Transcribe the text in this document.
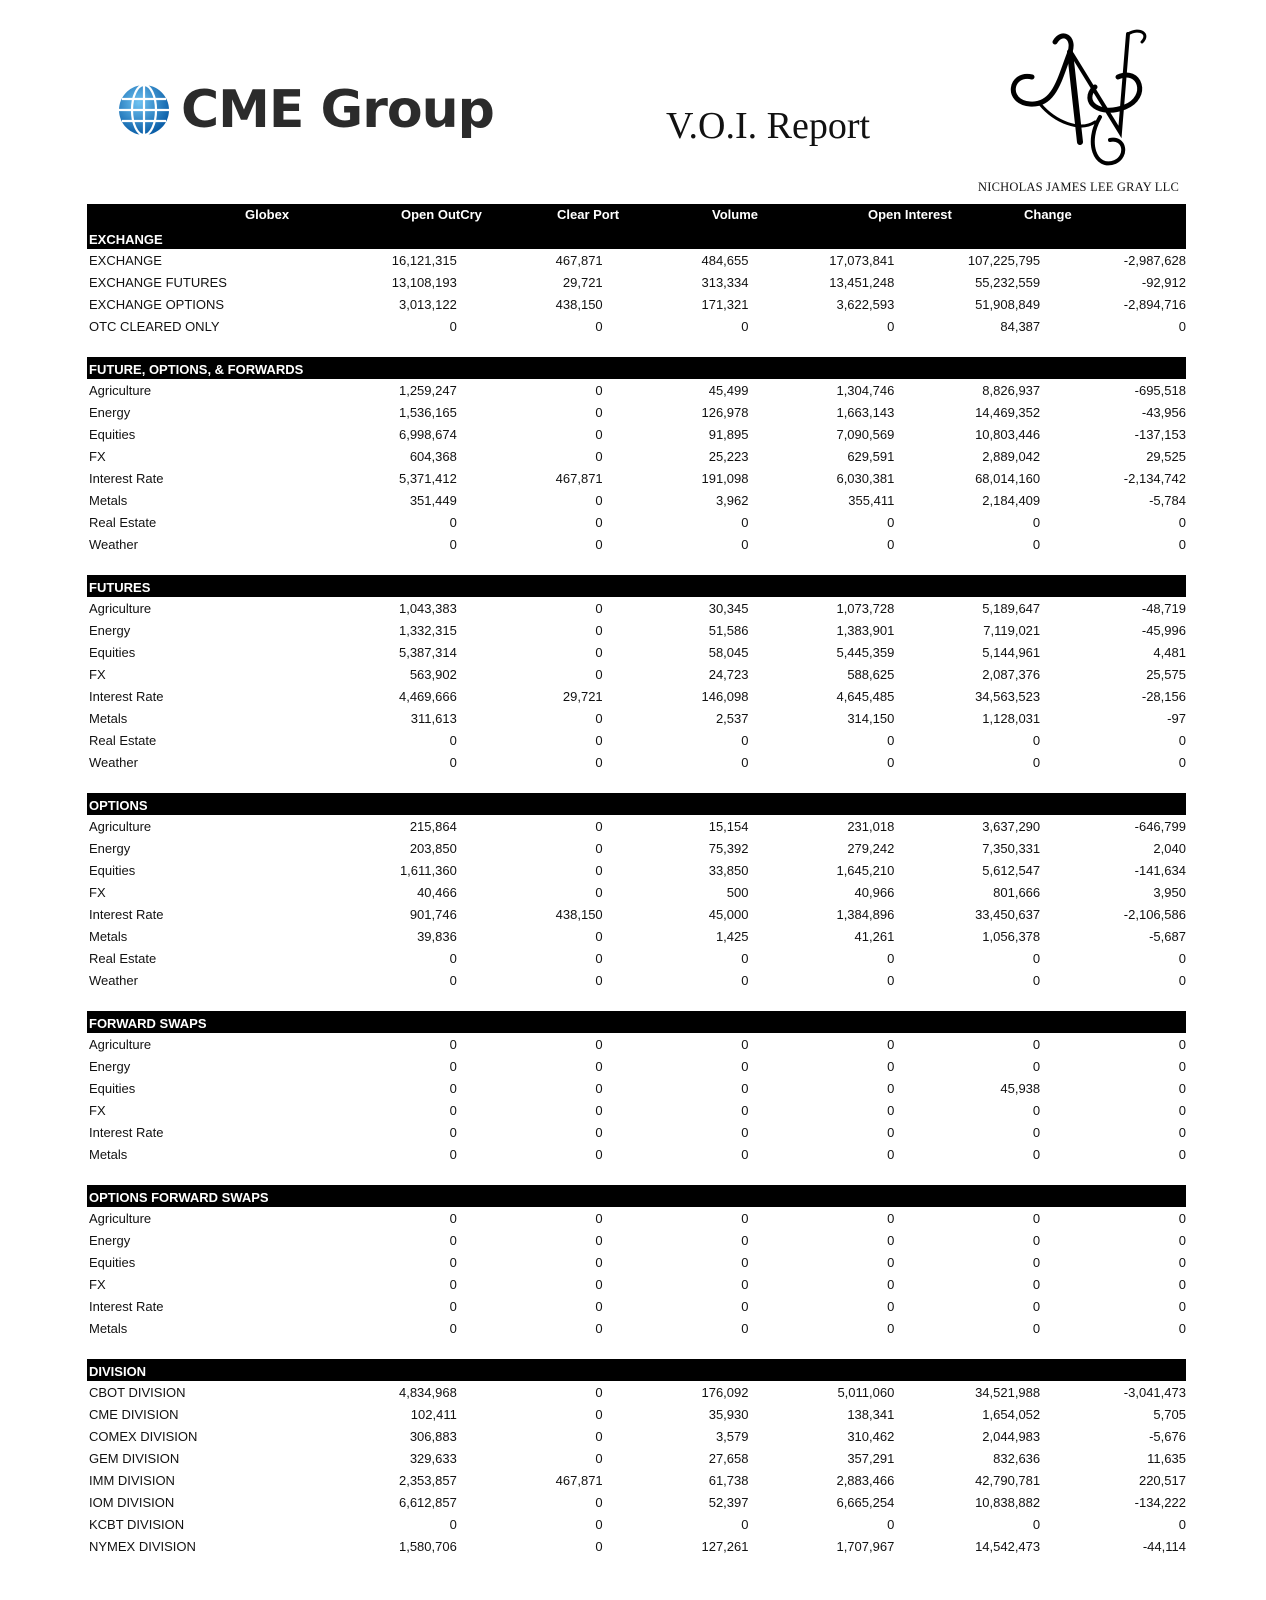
CME Group	V.O.I. Report
NICHOLAS JAMES LEE GRAY LLC
Globex	Open OutCry	Clear Port	Volume	Open Interest	Change
EXCHANGE
EXCHANGE	16,121,315	467,871	484,655	17,073,841	107,225,795	-2,987,628
EXCHANGE FUTURES	13,108,193	29,721	313,334	13,451,248	55,232,559	-92,912
EXCHANGE OPTIONS	3,013,122	438,150	171,321	3,622,593	51,908,849	-2,894,716
OTC CLEARED ONLY	0	0	0	0	84,387	0
FUTURE, OPTIONS, & FORWARDS
Agriculture	1,259,247	0	45,499	1,304,746	8,826,937	-695,518
Energy	1,536,165	0	126,978	1,663,143	14,469,352	-43,956
Equities	6,998,674	0	91,895	7,090,569	10,803,446	-137,153
FX	604,368	0	25,223	629,591	2,889,042	29,525
Interest Rate	5,371,412	467,871	191,098	6,030,381	68,014,160	-2,134,742
Metals	351,449	0	3,962	355,411	2,184,409	-5,784
Real Estate	0	0	0	0	0	0
Weather	0	0	0	0	0	0
FUTURES
Agriculture	1,043,383	0	30,345	1,073,728	5,189,647	-48,719
Energy	1,332,315	0	51,586	1,383,901	7,119,021	-45,996
Equities	5,387,314	0	58,045	5,445,359	5,144,961	4,481
FX	563,902	0	24,723	588,625	2,087,376	25,575
Interest Rate	4,469,666	29,721	146,098	4,645,485	34,563,523	-28,156
Metals	311,613	0	2,537	314,150	1,128,031	-97
Real Estate	0	0	0	0	0	0
Weather	0	0	0	0	0	0
OPTIONS
Agriculture	215,864	0	15,154	231,018	3,637,290	-646,799
Energy	203,850	0	75,392	279,242	7,350,331	2,040
Equities	1,611,360	0	33,850	1,645,210	5,612,547	-141,634
FX	40,466	0	500	40,966	801,666	3,950
Interest Rate	901,746	438,150	45,000	1,384,896	33,450,637	-2,106,586
Metals	39,836	0	1,425	41,261	1,056,378	-5,687
Real Estate	0	0	0	0	0	0
Weather	0	0	0	0	0	0
FORWARD SWAPS
Agriculture	0	0	0	0	0	0
Energy	0	0	0	0	0	0
Equities	0	0	0	0	45,938	0
FX	0	0	0	0	0	0
Interest Rate	0	0	0	0	0	0
Metals	0	0	0	0	0	0
OPTIONS FORWARD SWAPS
Agriculture	0	0	0	0	0	0
Energy	0	0	0	0	0	0
Equities	0	0	0	0	0	0
FX	0	0	0	0	0	0
Interest Rate	0	0	0	0	0	0
Metals	0	0	0	0	0	0
DIVISION
CBOT DIVISION	4,834,968	0	176,092	5,011,060	34,521,988	-3,041,473
CME DIVISION	102,411	0	35,930	138,341	1,654,052	5,705
COMEX DIVISION	306,883	0	3,579	310,462	2,044,983	-5,676
GEM DIVISION	329,633	0	27,658	357,291	832,636	11,635
IMM DIVISION	2,353,857	467,871	61,738	2,883,466	42,790,781	220,517
IOM DIVISION	6,612,857	0	52,397	6,665,254	10,838,882	-134,222
KCBT DIVISION	0	0	0	0	0	0
NYMEX DIVISION	1,580,706	0	127,261	1,707,967	14,542,473	-44,114
